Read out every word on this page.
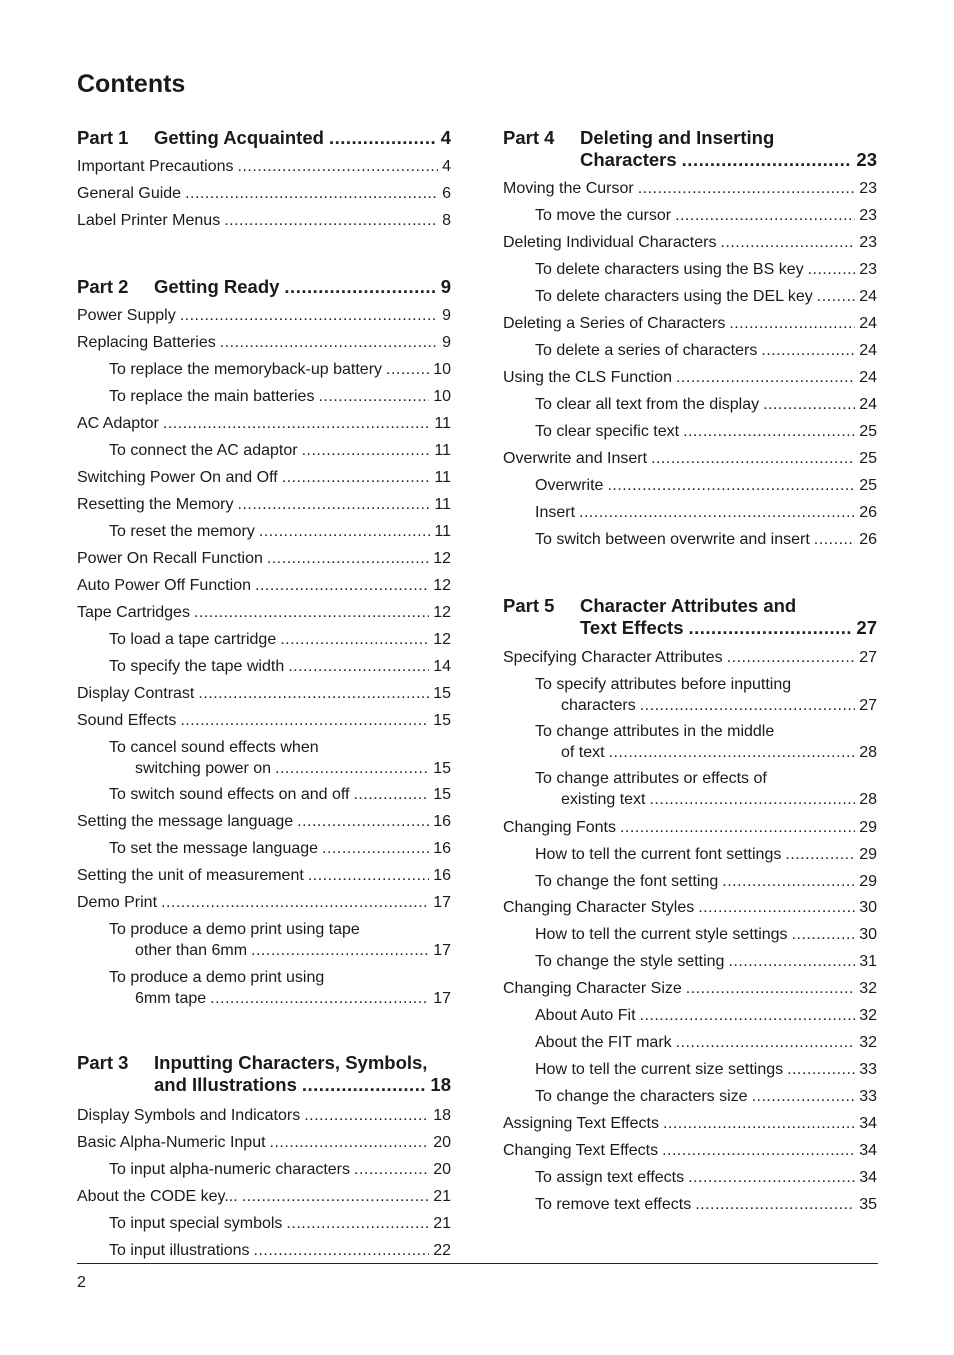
Contents
Part 1 Getting Acquainted .....	4
Important Precautions .....	4
General Guide .....	6
Label Printer Menus .....	8
Part 2 Getting Ready .....	9
Power Supply .....	9
Replacing Batteries .....	9
To replace the memoryback-up battery .....	10
To replace the main batteries .....	10
AC Adaptor .....	11
To connect the AC adaptor .....	11
Switching Power On and Off .....	11
Resetting the Memory .....	11
To reset the memory .....	11
Power On Recall Function .....	12
Auto Power Off Function .....	12
Tape Cartridges .....	12
To load a tape cartridge .....	12
To specify the tape width .....	14
Display Contrast .....	15
Sound Effects .....	15
To cancel sound effects when
switching power on .....	15
To switch sound effects on and off .....	15
Setting the message language .....	16
To set the message language .....	16
Setting the unit of measurement .....	16
Demo Print .....	17
To produce a demo print using tape
other than 6mm .....	17
To produce a demo print using
6mm tape .....	17
Part 3 Inputting Characters, Symbols,
and Illustrations .....	18
Display Symbols and Indicators .....	18
Basic Alpha-Numeric Input .....	20
To input alpha-numeric characters .....	20
About the CODE key... .....	21
To input special symbols .....	21
To input illustrations .....	22
Part 4 Deleting and Inserting
Characters .....	23
Moving the Cursor .....	23
To move the cursor .....	23
Deleting Individual Characters .....	23
To delete characters using the BS key .....	23
To delete characters using the DEL key .....	24
Deleting a Series of Characters .....	24
To delete a series of characters .....	24
Using the CLS Function .....	24
To clear all text from the display .....	24
To clear specific text .....	25
Overwrite and Insert .....	25
Overwrite .....	25
Insert .....	26
To switch between overwrite and insert .....	26
Part 5 Character Attributes and
Text Effects .....	27
Specifying Character Attributes .....	27
To specify attributes before inputting
characters .....	27
To change attributes in the middle
of text .....	28
To change attributes or effects of
existing text .....	28
Changing Fonts .....	29
How to tell the current font settings .....	29
To change the font setting .....	29
Changing Character Styles .....	30
How to tell the current style settings .....	30
To change the style setting .....	31
Changing Character Size .....	32
About Auto Fit .....	32
About the FIT mark .....	32
How to tell the current size settings .....	33
To change the characters size .....	33
Assigning Text Effects .....	34
Changing Text Effects .....	34
To assign text effects .....	34
To remove text effects .....	35
2
